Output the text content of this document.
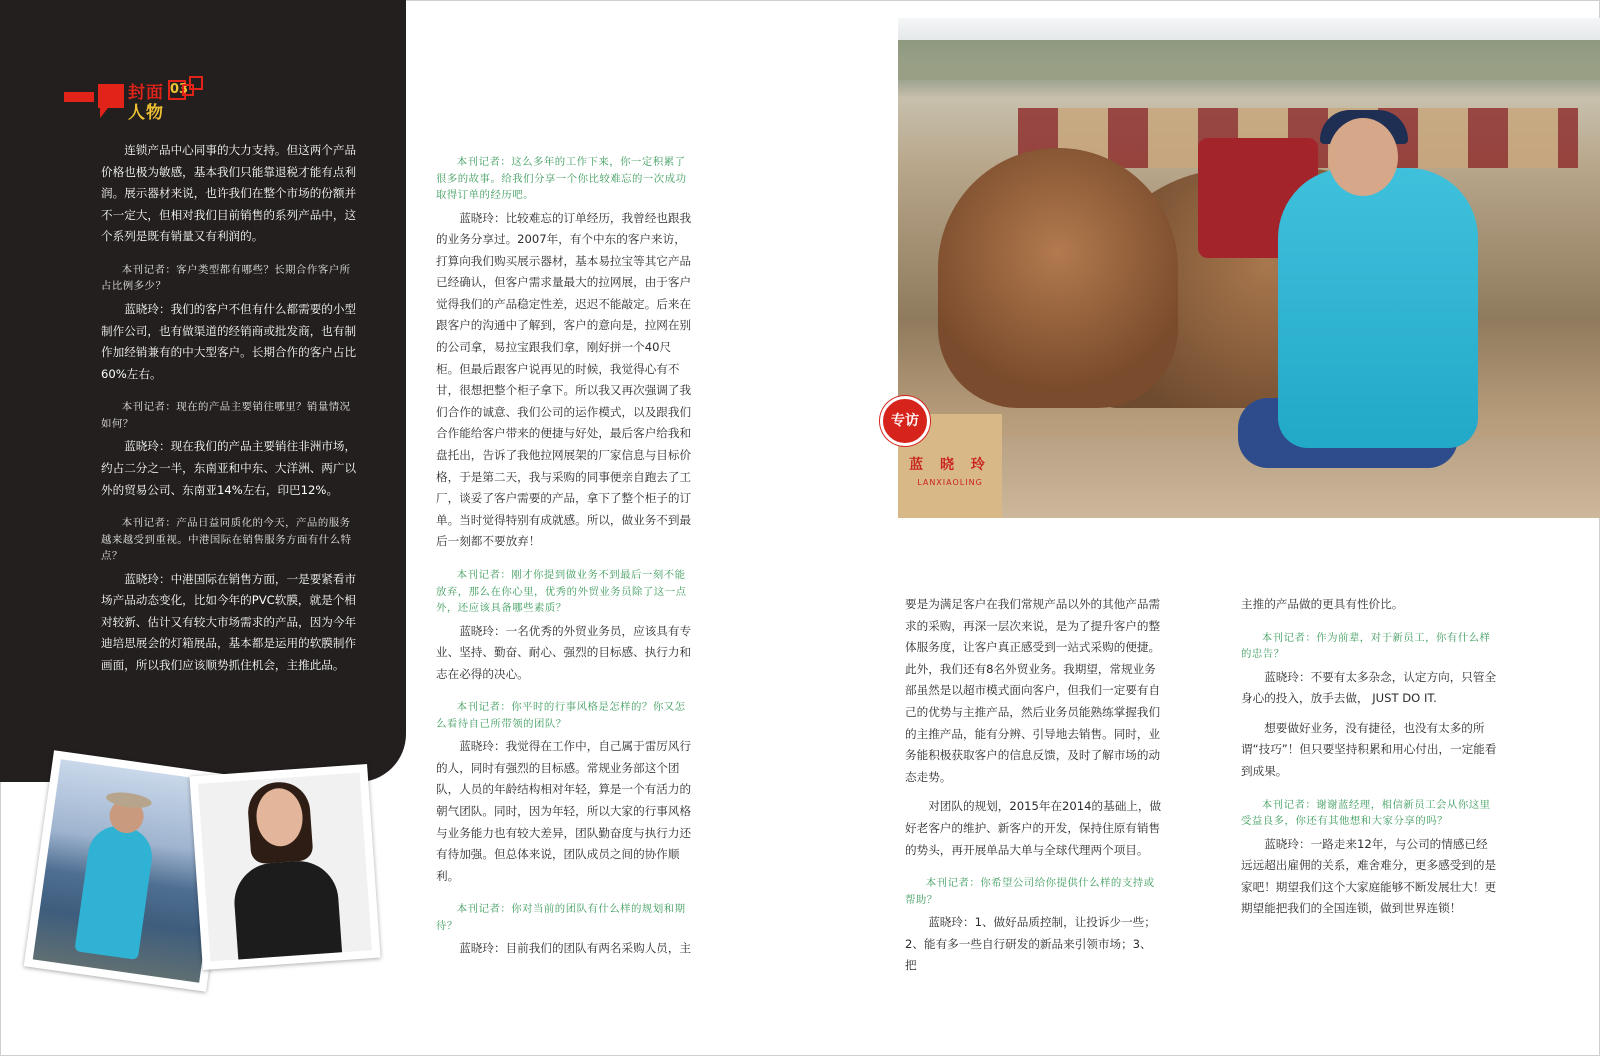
封面
人物
03

连锁产品中心同事的大力支持。但这两个产品价格也极为敏感，基本我们只能靠退税才能有点利润。展示器材来说，也许我们在整个市场的份额并不一定大，但相对我们目前销售的系列产品中，这个系列是既有销量又有利润的。

本刊记者：客户类型都有哪些？长期合作客户所占比例多少？

蓝晓玲：我们的客户不但有什么都需要的小型制作公司，也有做渠道的经销商或批发商，也有制作加经销兼有的中大型客户。长期合作的客户占比60%左右。

本刊记者：现在的产品主要销往哪里？销量情况如何？

蓝晓玲：现在我们的产品主要销往非洲市场，约占二分之一半，东南亚和中东、大洋洲、两广以外的贸易公司、东南亚14%左右，印巴12%。

本刊记者：产品日益同质化的今天，产品的服务越来越受到重视。中港国际在销售服务方面有什么特点？

蓝晓玲：中港国际在销售方面，一是要紧看市场产品动态变化，比如今年的PVC软膜，就是个相对较新、估计又有较大市场需求的产品，因为今年迪培思展会的灯箱展品，基本都是运用的软膜制作画面，所以我们应该顺势抓住机会，主推此品。

本刊记者：这么多年的工作下来，你一定积累了很多的故事。给我们分享一个你比较难忘的一次成功取得订单的经历吧。

蓝晓玲：比较难忘的订单经历，我曾经也跟我的业务分享过。2007年，有个中东的客户来访，打算向我们购买展示器材，基本易拉宝等其它产品已经确认，但客户需求量最大的拉网展，由于客户觉得我们的产品稳定性差，迟迟不能敲定。后来在跟客户的沟通中了解到，客户的意向是，拉网在别的公司拿，易拉宝跟我们拿，刚好拼一个40尺柜。但最后跟客户说再见的时候，我觉得心有不甘，很想把整个柜子拿下。所以我又再次强调了我们合作的诚意、我们公司的运作模式，以及跟我们合作能给客户带来的便捷与好处，最后客户给我和盘托出，告诉了我他拉网展架的厂家信息与目标价格，于是第二天，我与采购的同事便亲自跑去了工厂，谈妥了客户需要的产品，拿下了整个柜子的订单。当时觉得特别有成就感。所以，做业务不到最后一刻都不要放弃！

本刊记者：刚才你提到做业务不到最后一刻不能放弃，那么在你心里，优秀的外贸业务员除了这一点外，还应该具备哪些素质？

蓝晓玲：一名优秀的外贸业务员，应该具有专业、坚持、勤奋、耐心、强烈的目标感、执行力和志在必得的决心。

本刊记者：你平时的行事风格是怎样的？你又怎么看待自己所带领的团队？

蓝晓玲：我觉得在工作中，自己属于雷厉风行的人，同时有强烈的目标感。常规业务部这个团队，人员的年龄结构相对年轻，算是一个有活力的朝气团队。同时，因为年轻，所以大家的行事风格与业务能力也有较大差异，团队勤奋度与执行力还有待加强。但总体来说，团队成员之间的协作顺利。

本刊记者：你对当前的团队有什么样的规划和期待？

蓝晓玲：目前我们的团队有两名采购人员，主

要是为满足客户在我们常规产品以外的其他产品需求的采购，再深一层次来说，是为了提升客户的整体服务度，让客户真正感受到一站式采购的便捷。此外，我们还有8名外贸业务。我期望，常规业务部虽然是以超市模式面向客户，但我们一定要有自己的优势与主推产品，然后业务员能熟练掌握我们的主推产品，能有分辨、引导地去销售。同时，业务能积极获取客户的信息反馈，及时了解市场的动态走势。

对团队的规划，2015年在2014的基础上，做好老客户的维护、新客户的开发，保持住原有销售的势头，再开展单品大单与全球代理两个项目。

本刊记者：你希望公司给你提供什么样的支持或帮助？

蓝晓玲：1、做好品质控制，让投诉少一些；2、能有多一些自行研发的新品来引领市场；3、把

主推的产品做的更具有性价比。

本刊记者：作为前辈，对于新员工，你有什么样的忠告？

蓝晓玲：不要有太多杂念，认定方向，只管全身心的投入，放手去做， JUST DO IT.

想要做好业务，没有捷径，也没有太多的所谓“技巧”！但只要坚持积累和用心付出，一定能看到成果。

本刊记者：谢谢蓝经理，相信新员工会从你这里受益良多，你还有其他想和大家分享的吗？

蓝晓玲：一路走来12年，与公司的情感已经远远超出雇佣的关系，难舍难分，更多感受到的是家吧！期望我们这个大家庭能够不断发展壮大！更期望能把我们的全国连锁，做到世界连锁！

蓝 晓 玲
LANXIAOLING
专访
